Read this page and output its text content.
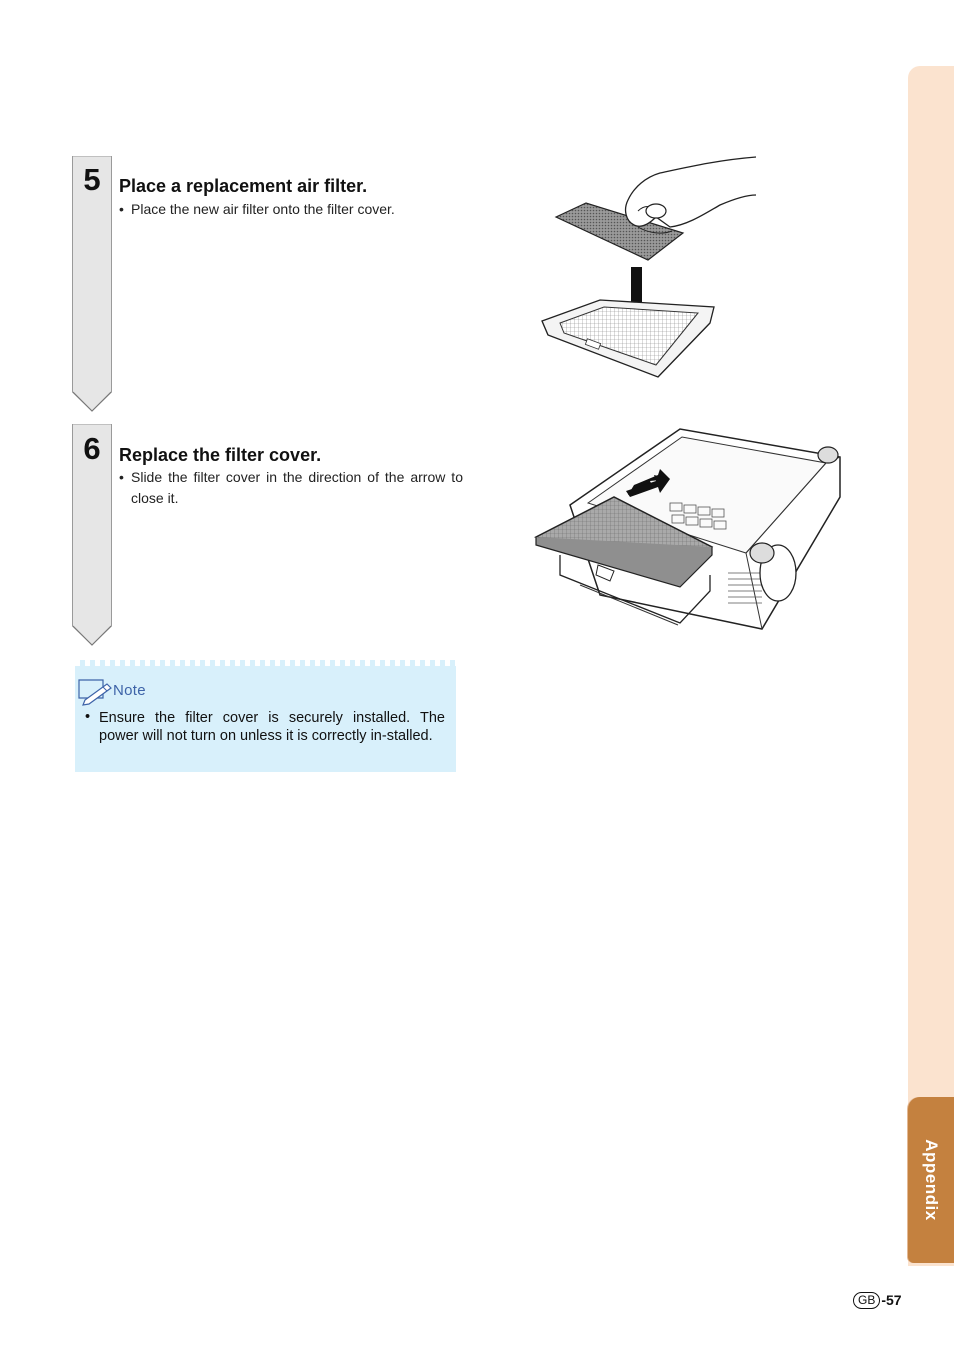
Appendix
5	Place a replacement air filter.
• Place the new air filter onto the filter cover.
6	Replace the filter cover.
• Slide the filter cover in the direction of the arrow to close it.
Note
• Ensure the filter cover is securely installed. The power will not turn on unless it is correctly in-stalled.
GB -57
